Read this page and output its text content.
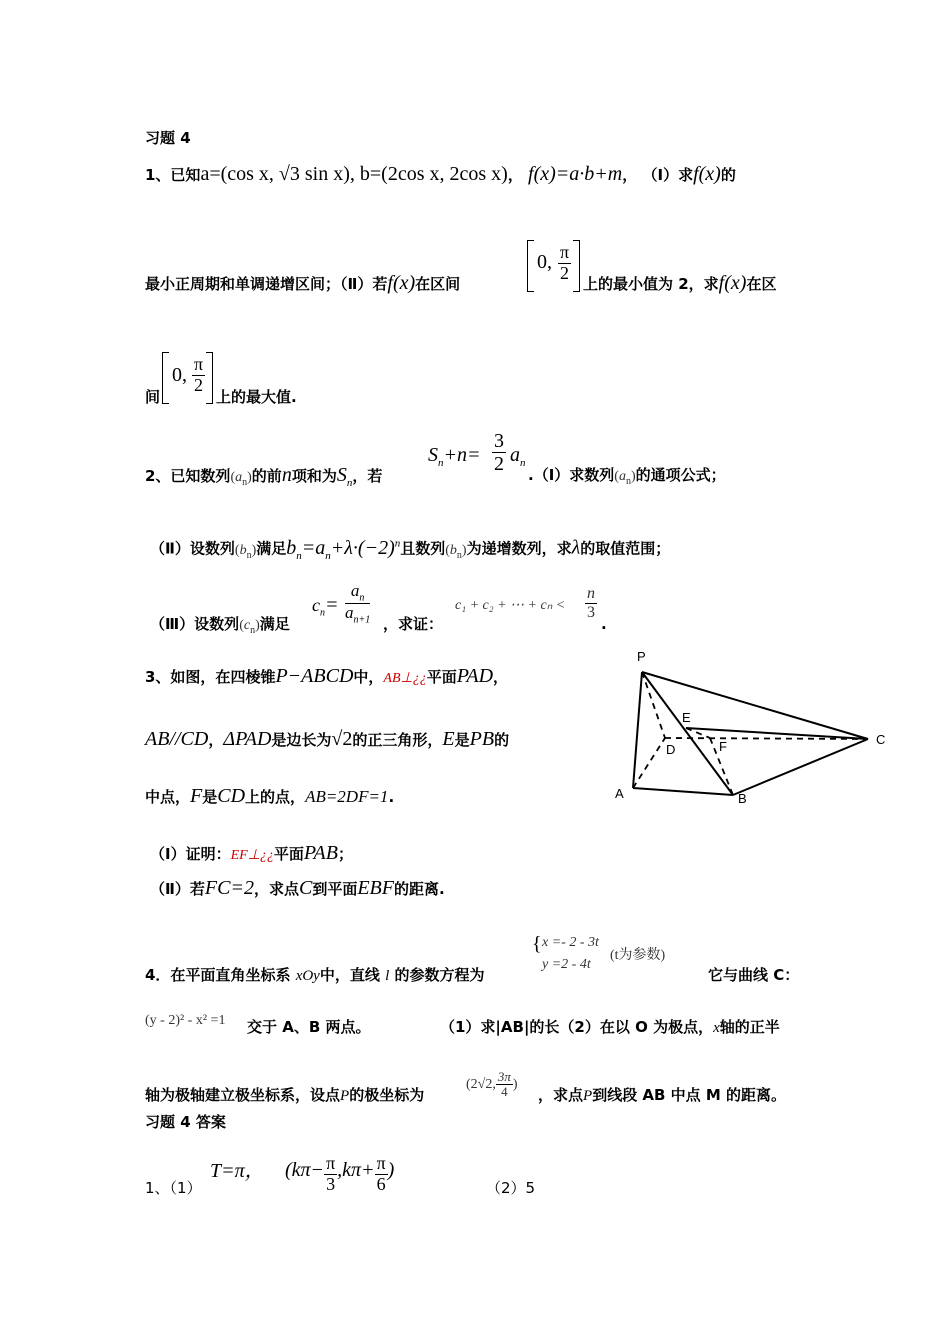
习题 4
1、已知a=(cos x, √3 sin x), b=(2cos x, 2cos x)， f(x)=a·b+m， （Ⅰ）求f(x)的
最小正周期和单调递增区间；（Ⅱ）若f(x)在区间
0, $\frac{\pi}{2}$
上的最小值为 2，求f(x)在区
间
0, $\frac{\pi}{2}$
上的最大值.
2、已知数列$(a_n)$的前n项和为$S_n$，若
$S_n+n= \frac{3}{2} a_n$
.（Ⅰ）求数列$(a_n)$的通项公式；
（Ⅱ）设数列$(b_n)$满足$b_n=a_n+\lambda\cdot(-2)^n$且数列$(b_n)$为递增数列，求λ的取值范围；
（Ⅲ）设数列$(c_n)$满足
$c_n= \frac{a_n}{a_{n+1}}$ ，求证：
c₁ + c₂ + ⋯ + $c_n < \frac{n}{3}$
.
3、如图，在四棱锥P−ABCD中，AB⊥¿¿平面PAD，
AB//CD，ΔPAD是边长为√2的正三角形，E是PB的
中点，F是CD上的点，AB=2DF=1.
（Ⅰ）证明：EF⊥¿¿平面PAB；
（Ⅱ）若FC=2，求点C到平面EBF的距离.
P
E
D	F	C
A	B
4．在平面直角坐标系 xOy中，直线 l 的参数方程为
{ x =- 2 - 3t
y =2 - 4t
(t为参数)
它与曲线 C：
(y - 2)² - x² =1 交于 A、B 两点。	（1）求|AB|的长（2）在以 O 为极点，x轴的正半
轴为极轴建立极坐标系，设点P的极坐标为
(2√2, $\frac{3\pi}{4}$ )
，求点P到线段 AB 中点 M 的距离。
习题 4 答案
1、（1）
T=π， ($k\pi- \frac{\pi}{3} ,k\pi+ \frac{\pi}{6}$ )
（2）5
